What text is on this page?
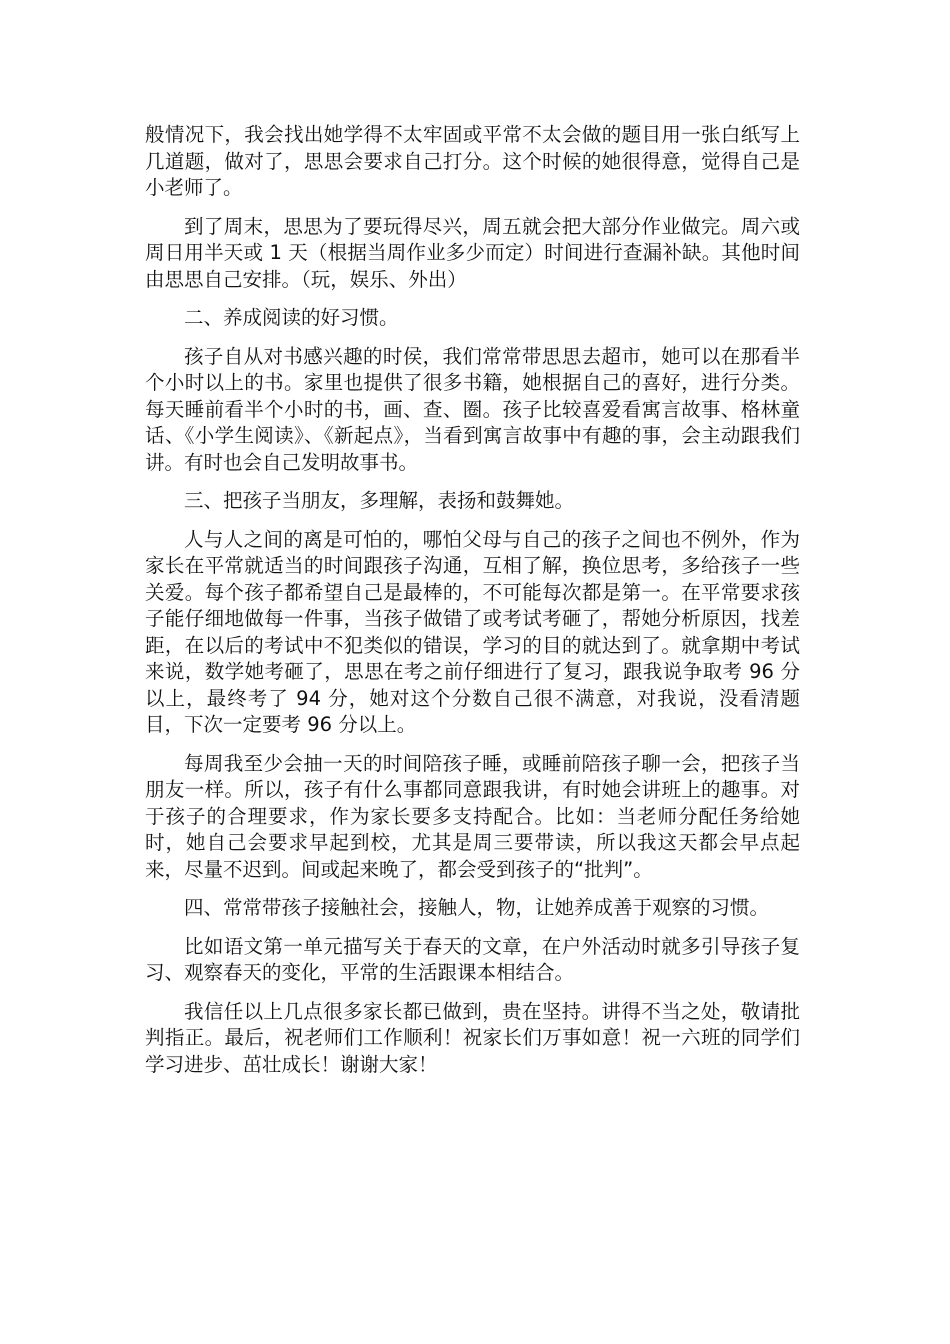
般情况下，我会找出她学得不太牢固或平常不太会做的题目用一张白纸写上几道题，做对了，思思会要求自己打分。这个时候的她很得意，觉得自己是小老师了。

到了周末，思思为了要玩得尽兴，周五就会把大部分作业做完。周六或周日用半天或 1 天（根据当周作业多少而定）时间进行查漏补缺。其他时间由思思自己安排。（玩，娱乐、外出）

二、养成阅读的好习惯。

孩子自从对书感兴趣的时侯，我们常常带思思去超市，她可以在那看半个小时以上的书。家里也提供了很多书籍，她根据自己的喜好，进行分类。每天睡前看半个小时的书，画、查、圈。孩子比较喜爱看寓言故事、格林童话、《小学生阅读》、《新起点》，当看到寓言故事中有趣的事，会主动跟我们讲。有时也会自己发明故事书。

三、把孩子当朋友，多理解，表扬和鼓舞她。

人与人之间的离是可怕的，哪怕父母与自己的孩子之间也不例外，作为家长在平常就适当的时间跟孩子沟通，互相了解，换位思考，多给孩子一些关爱。每个孩子都希望自己是最棒的，不可能每次都是第一。在平常要求孩子能仔细地做每一件事，当孩子做错了或考试考砸了，帮她分析原因，找差距，在以后的考试中不犯类似的错误，学习的目的就达到了。就拿期中考试来说，数学她考砸了，思思在考之前仔细进行了复习，跟我说争取考 96 分以上，最终考了 94 分，她对这个分数自己很不满意，对我说，没看清题目，下次一定要考 96 分以上。

每周我至少会抽一天的时间陪孩子睡，或睡前陪孩子聊一会，把孩子当朋友一样。所以，孩子有什么事都同意跟我讲，有时她会讲班上的趣事。对于孩子的合理要求，作为家长要多支持配合。比如：当老师分配任务给她时，她自己会要求早起到校，尤其是周三要带读，所以我这天都会早点起来，尽量不迟到。间或起来晚了，都会受到孩子的“批判”。

四、常常带孩子接触社会，接触人，物，让她养成善于观察的习惯。

比如语文第一单元描写关于春天的文章，在户外活动时就多引导孩子复习、观察春天的变化，平常的生活跟课本相结合。

我信任以上几点很多家长都已做到，贵在坚持。讲得不当之处，敬请批判指正。最后，祝老师们工作顺利！祝家长们万事如意！祝一六班的同学们学习进步、茁壮成长！谢谢大家！
